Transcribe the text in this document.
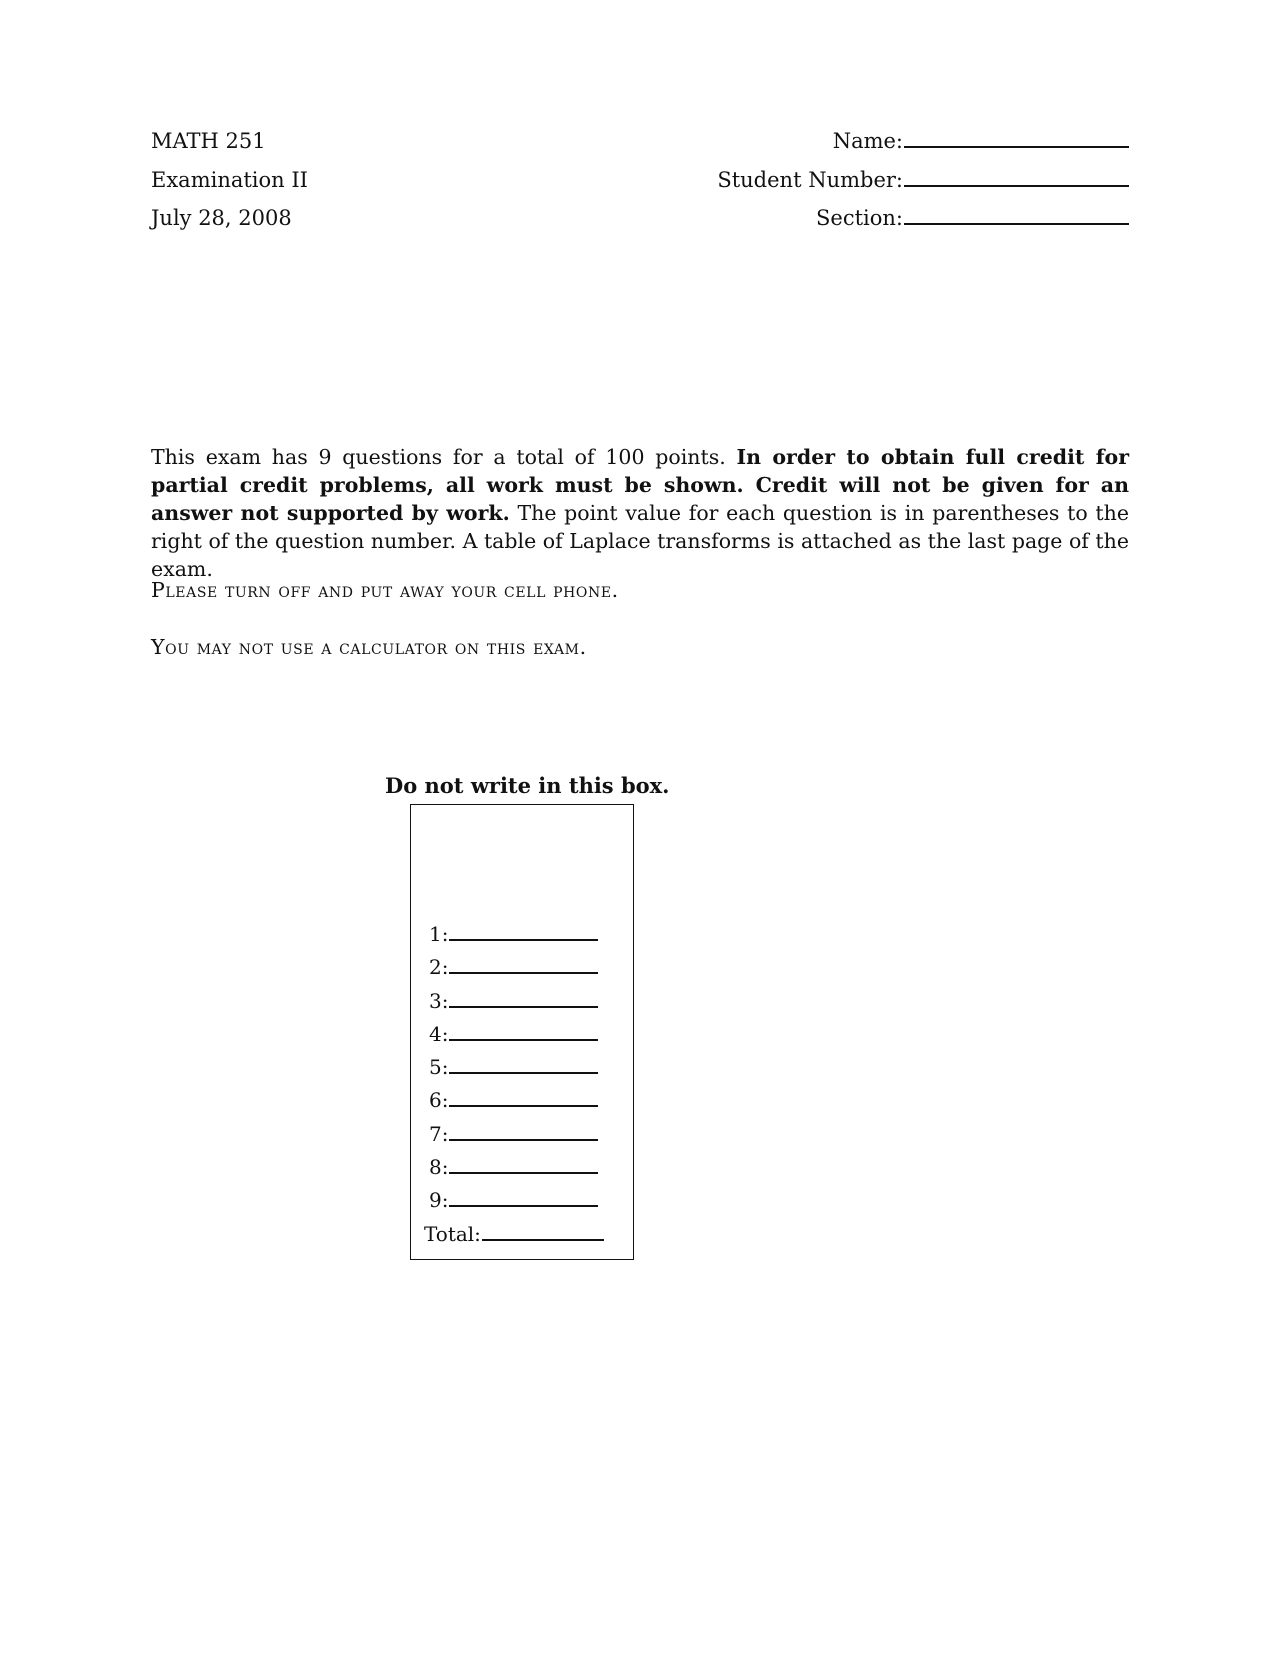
MATH 251
Examination II
July 28, 2008
Name:
Student Number:
Section:
This exam has 9 questions for a total of 100 points. In order to obtain full credit for partial credit problems, all work must be shown. Credit will not be given for an answer not supported by work. The point value for each question is in parentheses to the right of the question number. A table of Laplace transforms is attached as the last page of the exam.
Please turn off and put away your cell phone.
You may not use a calculator on this exam.
Do not write in this box.
1:
2:
3:
4:
5:
6:
7:
8:
9:
Total:
